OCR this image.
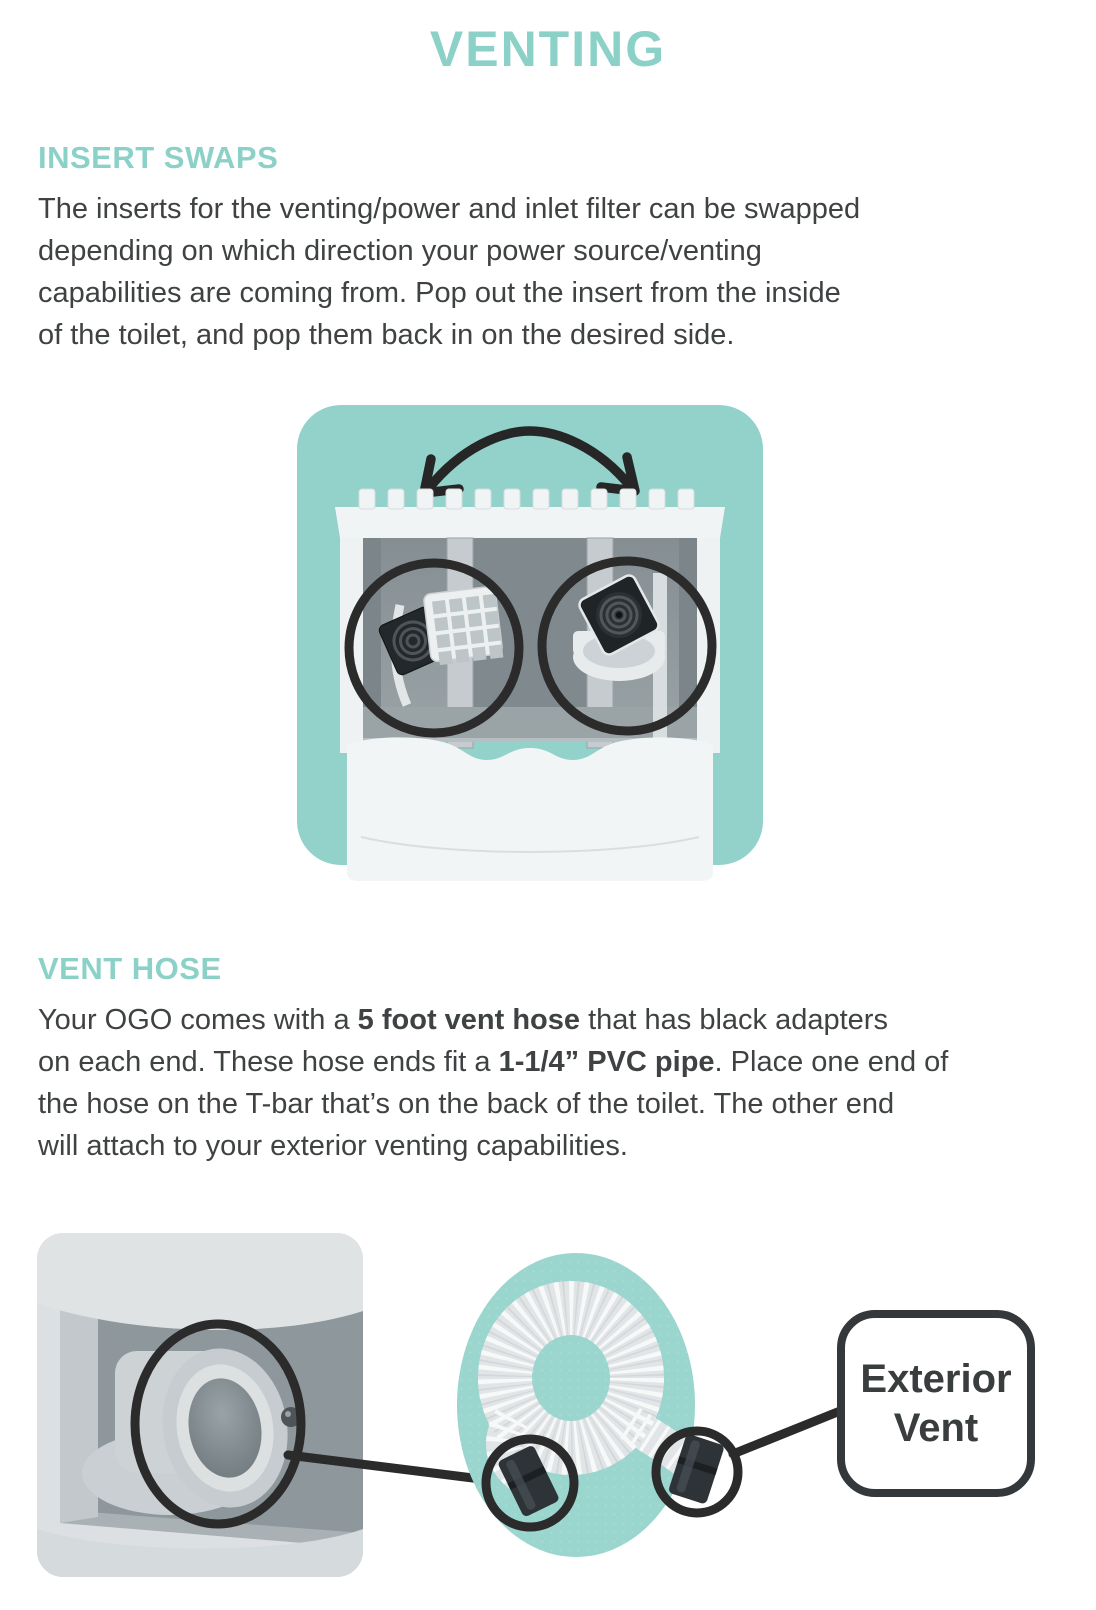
VENTING
INSERT SWAPS

The inserts for the venting/power and inlet filter can be swapped
depending on which direction your power source/venting
capabilities are coming from. Pop out the insert from the inside
of the toilet, and pop them back in on the desired side.

VENT HOSE

Your OGO comes with a 5 foot vent hose that has black adapters
on each end. These hose ends fit a 1-1/4” PVC pipe. Place one end of
the hose on the T-bar that’s on the back of the toilet. The other end
will attach to your exterior venting capabilities.

Exterior Vent
